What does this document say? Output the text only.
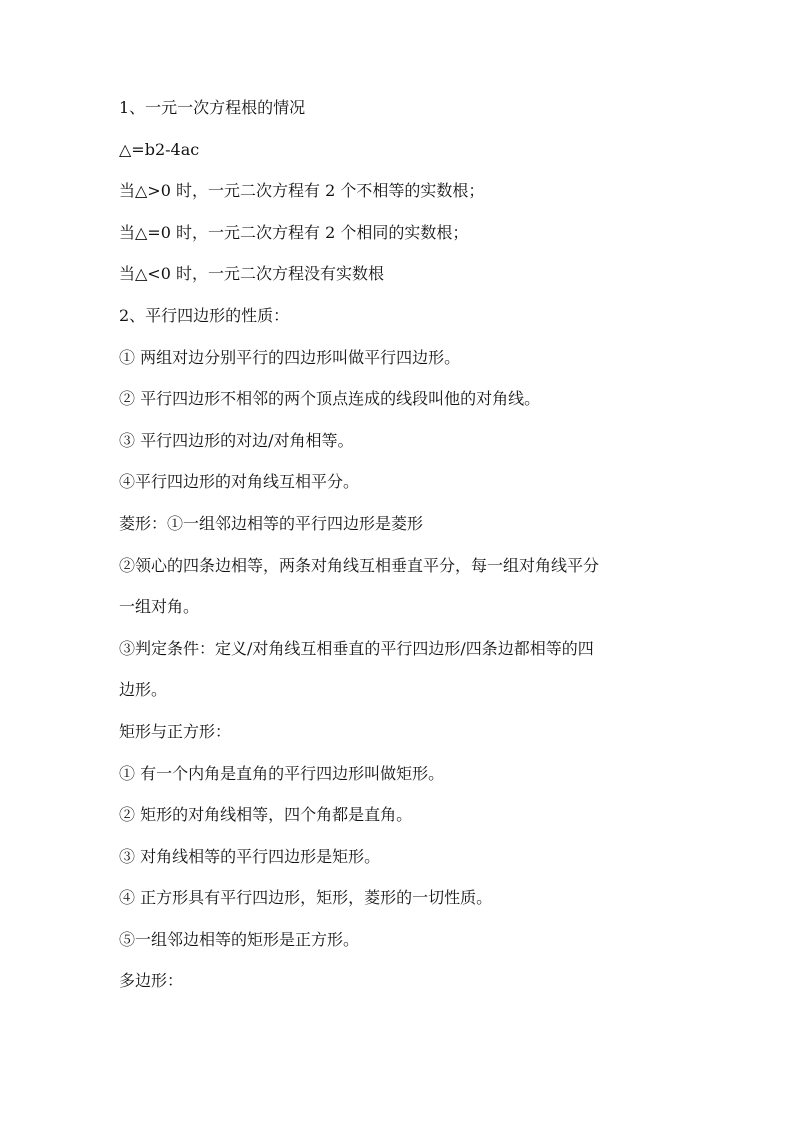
1、一元一次方程根的情况
△=b2-4ac
当△>0 时，一元二次方程有 2 个不相等的实数根；
当△=0 时，一元二次方程有 2 个相同的实数根；
当△<0 时，一元二次方程没有实数根
2、平行四边形的性质：
① 两组对边分别平行的四边形叫做平行四边形。
② 平行四边形不相邻的两个顶点连成的线段叫他的对角线。
③ 平行四边形的对边/对角相等。
④平行四边形的对角线互相平分。
菱形：①一组邻边相等的平行四边形是菱形
②领心的四条边相等，两条对角线互相垂直平分，每一组对角线平分
一组对角。
③判定条件：定义/对角线互相垂直的平行四边形/四条边都相等的四
边形。
矩形与正方形：
① 有一个内角是直角的平行四边形叫做矩形。
② 矩形的对角线相等，四个角都是直角。
③ 对角线相等的平行四边形是矩形。
④ 正方形具有平行四边形，矩形，菱形的一切性质。
⑤一组邻边相等的矩形是正方形。
多边形：
